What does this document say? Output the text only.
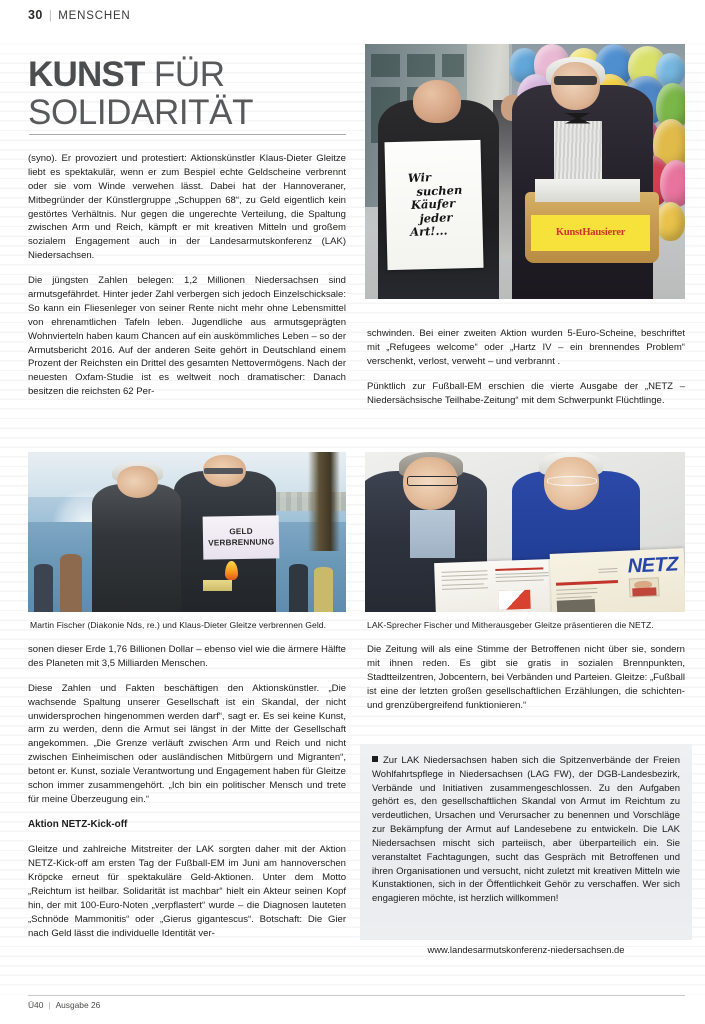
30 | MENSCHEN
KUNST FÜR
SOLIDARITÄT
Wir
suchen
Käufer
jeder
Art!...	KunstHausierer

(syno). Er provoziert und protestiert: Aktionskünstler Klaus-Dieter Gleitze liebt es spektakulär, wenn er zum Bespiel echte Geldscheine verbrennt oder sie vom Winde verwehen lässt. Dabei hat der Hannoveraner, Mitbegründer der Künstlergruppe „Schuppen 68“, zu Geld eigentlich kein gestörtes Verhältnis. Nur gegen die ungerechte Verteilung, die Spaltung zwischen Arm und Reich, kämpft er mit kreativen Mitteln und großem sozialem Engagement auch in der Landesarmutskonferenz (LAK) Niedersachsen.

Die jüngsten Zahlen belegen: 1,2 Millionen Niedersachsen sind armutsgefährdet. Hinter jeder Zahl verbergen sich jedoch Einzelschicksale: So kann ein Fliesenleger von seiner Rente nicht mehr ohne Lebensmittel von ehrenamtlichen Tafeln leben. Jugendliche aus armutsgeprägten Wohnvierteln haben kaum Chancen auf ein auskömmliches Leben – so der Armutsbericht 2016. Auf der anderen Seite gehört in Deutschland einem Prozent der Reichsten ein Drittel des gesamten Nettovermögens. Nach der neuesten Oxfam-Studie ist es weltweit noch dramatischer: Danach besitzen die reichsten 62 Per-

schwinden. Bei einer zweiten Aktion wurden 5-Euro-Scheine, beschriftet mit „Refugees welcome“ oder „Hartz IV – ein brennendes Problem“ verschenkt, verlost, verweht – und verbrannt .

Pünktlich zur Fußball-EM erschien die vierte Ausgabe der „NETZ –Niedersächsische Teilhabe-Zeitung“ mit dem Schwerpunkt Flüchtlinge.

GELD
VERBRENNUNG
Martin Fischer (Diakonie Nds, re.) und Klaus-Dieter Gleitze verbrennen Geld.
NETZ
LAK-Sprecher Fischer und Mitherausgeber Gleitze präsentieren die NETZ.

sonen dieser Erde 1,76 Billionen Dollar – ebenso viel wie die ärmere Hälfte des Planeten mit 3,5 Milliarden Menschen.

Diese Zahlen und Fakten beschäftigen den Aktionskünstler. „Die wachsende Spaltung unserer Gesellschaft ist ein Skandal, der nicht unwidersprochen hingenommen werden darf“, sagt er. Es sei keine Kunst, arm zu werden, denn die Armut sei längst in der Mitte der Gesellschaft angekommen. „Die Grenze verläuft zwischen Arm und Reich und nicht zwischen Einheimischen oder ausländischen Mitbürgern und Migranten“, betont er. Kunst, soziale Verantwortung und Engagement haben für Gleitze schon immer zusammengehört. „Ich bin ein politischer Mensch und trete für meine Überzeugung ein.“

Aktion NETZ-Kick-off

Gleitze und zahlreiche Mitstreiter der LAK sorgten daher mit der Aktion NETZ-Kick-off am ersten Tag der Fußball-EM im Juni am hannoverschen Kröpcke erneut für spektakuläre Geld-Aktionen. Unter dem Motto „Reichtum ist heilbar. Solidarität ist machbar“ hielt ein Akteur seinen Kopf hin, der mit 100-Euro-Noten „verpflastert“ wurde – die Diagnosen lauteten „Schnöde Mammonitis“ oder „Gierus gigantescus“. Botschaft: Die Gier nach Geld lässt die individuelle Identität ver-

Die Zeitung will als eine Stimme der Betroffenen nicht über sie, sondern mit ihnen reden. Es gibt sie gratis in sozialen Brennpunkten, Stadtteilzentren, Jobcentern, bei Verbänden und Parteien. Gleitze: „Fußball ist eine der letzten großen gesellschaftlichen Erzählungen, die schichten- und grenzübergreifend funktionieren.“

Zur LAK Niedersachsen haben sich die Spitzenverbände der Freien Wohlfahrtspflege in Niedersachsen (LAG FW), der DGB-Landesbezirk, Verbände und Initiativen zusammengeschlossen. Zu den Aufgaben gehört es, den gesellschaftlichen Skandal von Armut im Reichtum zu verdeutlichen, Ursachen und Verursacher zu benennen und Vorschläge zur Bekämpfung der Armut auf Landesebene zu entwickeln. Die LAK Niedersachsen mischt sich parteiisch, aber überparteilich ein. Sie veranstaltet Fachtagungen, sucht das Gespräch mit Betroffenen und ihren Organisationen und versucht, nicht zuletzt mit kreativen Mitteln wie Kunstaktionen, sich in der Öffentlichkeit Gehör zu verschaffen. Wer sich engagieren möchte, ist herzlich willkommen!
www.landesarmutskonferenz-niedersachsen.de
Ü40 | Ausgabe 26
